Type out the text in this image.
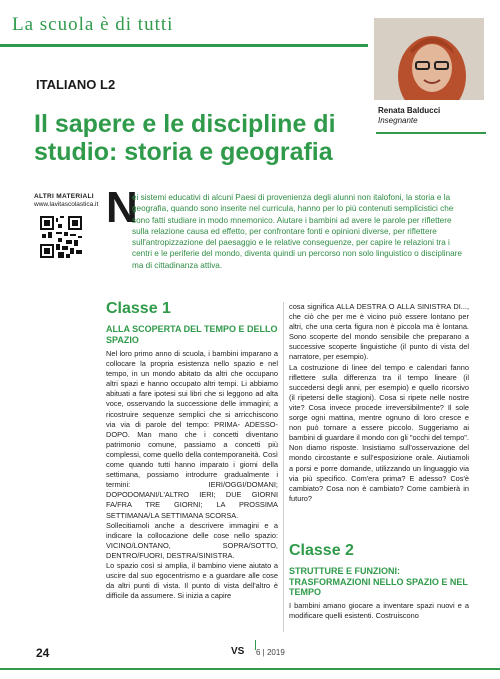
La scuola è di tutti
Renata Balducci
Insegnante
ITALIANO L2
Il sapere e le discipline di studio: storia e geografia
ALTRI MATERIALI
www.lavitascolastica.it N
ei sistemi educativi di alcuni Paesi di provenienza degli alunni non italofoni, la storia e la geografia, quando sono inserite nel curricula, hanno per lo più contenuti semplicistici che sono fatti studiare in modo mnemonico. Aiutare i bambini ad avere le parole per riflettere sulla relazione causa ed effetto, per confrontare fonti e opinioni diverse, per riflettere sull'antropizzazione del paesaggio e le relative conseguenze, per capire le relazioni tra i centri e le periferie del mondo, diventa quindi un percorso non solo linguistico o disciplinare ma di cittadinanza attiva.
Classe 1
ALLA SCOPERTA DEL TEMPO E DELLO SPAZIO

Nel loro primo anno di scuola, i bambini imparano a collocare la propria esistenza nello spazio e nel tempo, in un mondo abitato da altri che occupano altri spazi e hanno occupato altri tempi. Li abbiamo abituati a fare ipotesi sui libri che si leggono ad alta voce, osservando la successione delle immagini; a ricostruire sequenze semplici che si arricchiscono via via di parole del tempo: PRIMA- ADESSO- DOPO. Man mano che i concetti diventano patrimonio comune, passiamo a concetti più complessi, come quello della contemporaneità. Così come quando tutti hanno imparato i giorni della settimana, possiamo introdurre gradualmente i termini: IERI/OGGI/DOMANI; DOPODOMANI/L'ALTRO IERI; DUE GIORNI FA/FRA TRE GIORNI; LA PROSSIMA SETTIMANA/LA SETTIMANA SCORSA.

Sollecitiamoli anche a descrivere immagini e a indicare la collocazione delle cose nello spazio: VICINO/LONTANO, SOPRA/SOTTO, DENTRO/FUORI, DESTRA/SINISTRA.

Lo spazio così si amplia, il bambino viene aiutato a uscire dal suo egocentrismo e a guardare alle cose da altri punti di vista. Il punto di vista dell'altro è difficile da assumere. Si inizia a capire

cosa significa ALLA DESTRA O ALLA SINISTRA DI..., che ciò che per me è vicino può essere lontano per altri, che una certa figura non è piccola ma è lontana. Sono scoperte del mondo sensibile che preparano a successive scoperte linguistiche (il punto di vista del narratore, per esempio).

La costruzione di linee del tempo e calendari fanno riflettere sulla differenza tra il tempo lineare (il succedersi degli anni, per esempio) e quello ricorsivo (il ripetersi delle stagioni). Cosa si ripete nelle nostre vite? Cosa invece procede irreversibilmente? Il sole sorge ogni mattina, mentre ognuno di loro cresce e non può tornare a essere piccolo. Suggeriamo ai bambini di guardare il mondo con gli "occhi del tempo". Non diamo risposte. Insistiamo sull'osservazione del mondo circostante e sull'esposizione orale. Aiutiamoli a porsi e porre domande, utilizzando un linguaggio via via più specifico. Com'era prima? E adesso? Cos'è cambiato? Cosa non è cambiato? Come cambierà in futuro?

Classe 2
STRUTTURE E FUNZIONI: TRASFORMAZIONI NELLO SPAZIO E NEL TEMPO
I bambini amano giocare a inventare spazi nuovi e a modificare quelli esistenti. Costruiscono
24	VS 6 | 2019
